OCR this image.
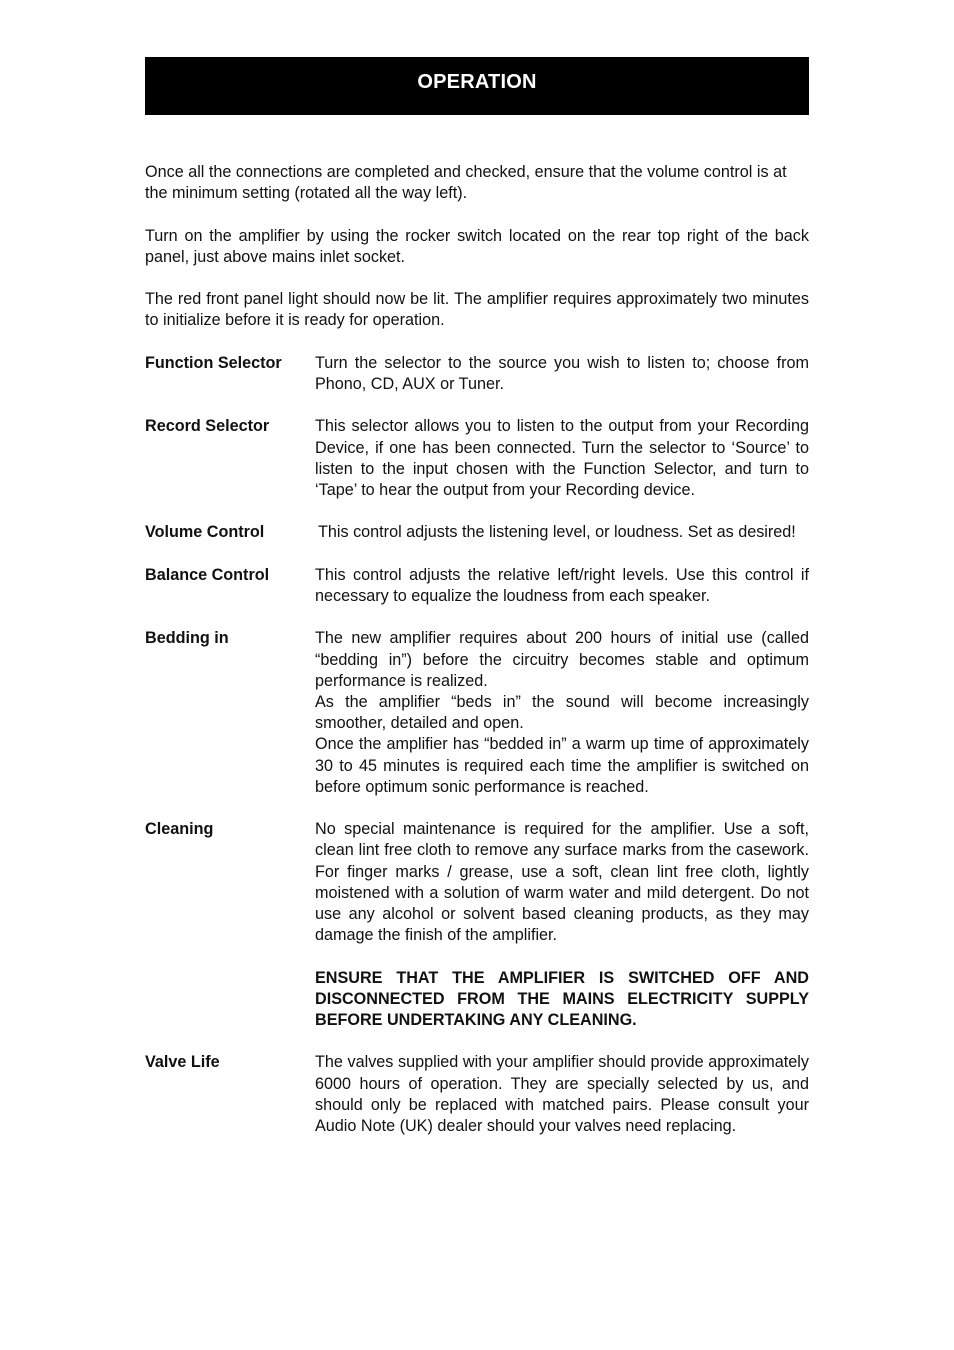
OPERATION

Once all the connections are completed and checked, ensure that the volume control is at the minimum setting (rotated all the way left).

Turn on the amplifier by using the rocker switch located on the rear top right of the back panel, just above mains inlet socket.

The red front panel light should now be lit. The amplifier requires approximately two minutes to initialize before it is ready for operation.

Function Selector	Turn the selector to the source you wish to listen to; choose from Phono, CD, AUX or Tuner.
Record Selector	This selector allows you to listen to the output from your Recording Device, if one has been connected. Turn the selector to ‘Source’ to listen to the input chosen with the Function Selector, and turn to ‘Tape’ to hear the output from your Recording device.
Volume Control	This control adjusts the listening level, or loudness. Set as desired!
Balance Control	This control adjusts the relative left/right levels. Use this control if necessary to equalize the loudness from each speaker.
Bedding in	The new amplifier requires about 200 hours of initial use (called “bedding in”) before the circuitry becomes stable and optimum performance is realized.

As the amplifier “beds in” the sound will become increasingly smoother, detailed and open.

Once the amplifier has “bedded in” a warm up time of approximately 30 to 45 minutes is required each time the amplifier is switched on before optimum sonic performance is reached.

Cleaning	No special maintenance is required for the amplifier. Use a soft, clean lint free cloth to remove any surface marks from the casework. For finger marks / grease, use a soft, clean lint free cloth, lightly moistened with a solution of warm water and mild detergent. Do not use any alcohol or solvent based cleaning products, as they may damage the finish of the amplifier.

ENSURE THAT THE AMPLIFIER IS SWITCHED OFF AND DISCONNECTED FROM THE MAINS ELECTRICITY SUPPLY BEFORE UNDERTAKING ANY CLEANING.

Valve Life	The valves supplied with your amplifier should provide approximately 6000 hours of operation. They are specially selected by us, and should only be replaced with matched pairs. Please consult your Audio Note (UK) dealer should your valves need replacing.
